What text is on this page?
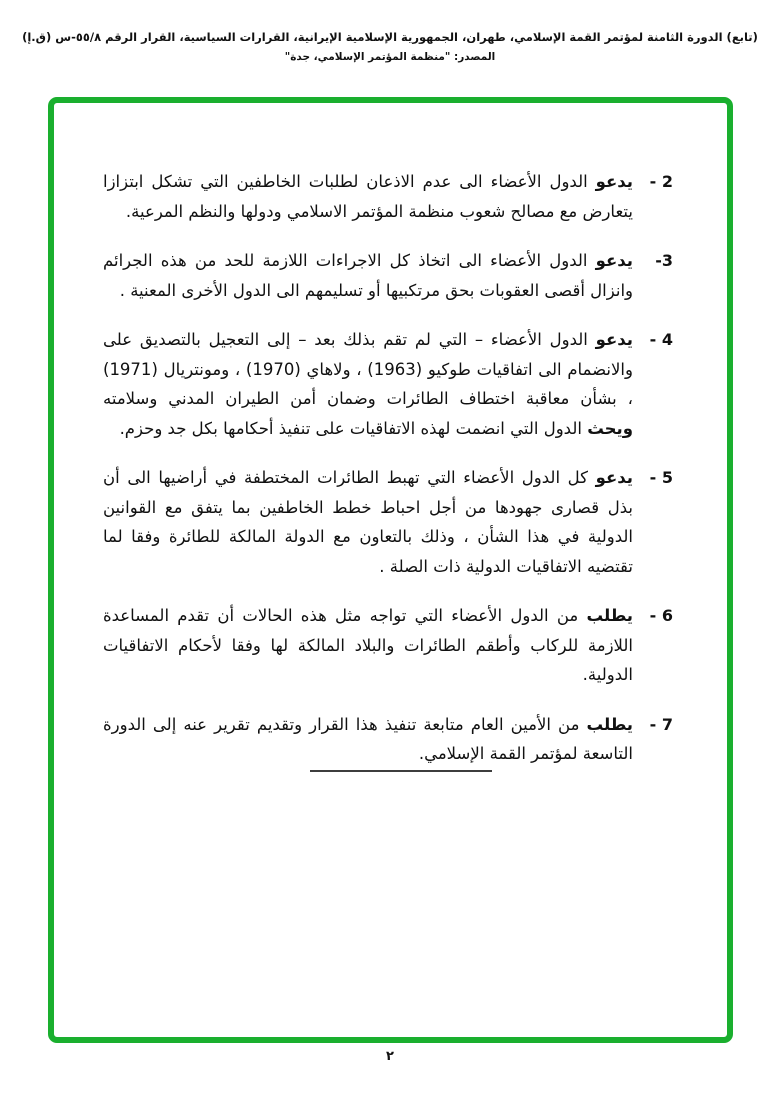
(تابع) الدورة الثامنة لمؤتمر القمة الإسلامي، طهران، الجمهورية الإسلامية الإيرانية، القرارات السياسية، القرار الرقم ٥٥/٨-س (ق.إ)
المصدر: "منظمة المؤتمر الإسلامي، جدة"
2 -

يدعو الدول الأعضاء الى عدم الاذعان لطلبات الخاطفين التي تشكل ابتزازا يتعارض مع مصالح شعوب منظمة المؤتمر الاسلامي ودولها والنظم المرعية.

3-

يدعو الدول الأعضاء الى اتخاذ كل الاجراءات اللازمة للحد من هذه الجرائم وانزال أقصى العقوبات بحق مرتكبيها أو تسليمهم الى الدول الأخرى المعنية .

4 -

يدعو الدول الأعضاء – التي لم تقم بذلك بعد – إلى التعجيل بالتصديق على والانضمام الى اتفاقيات طوكيو (1963) ، ولاهاي (1970) ، ومونتريال (1971) ، بشأن معاقبة اختطاف الطائرات وضمان أمن الطيران المدني وسلامته ويحث الدول التي انضمت لهذه الاتفاقيات على تنفيذ أحكامها بكل جد وحزم.

5 -

يدعو كل الدول الأعضاء التي تهبط الطائرات المختطفة في أراضيها الى أن بذل قصارى جهودها من أجل احباط خطط الخاطفين بما يتفق مع القوانين الدولية في هذا الشأن ، وذلك بالتعاون مع الدولة المالكة للطائرة وفقا لما تقتضيه الاتفاقيات الدولية ذات الصلة .

6 -

يطلب من الدول الأعضاء التي تواجه مثل هذه الحالات أن تقدم المساعدة اللازمة للركاب وأطقم الطائرات والبلاد المالكة لها وفقا لأحكام الاتفاقيات الدولية.

7 -

يطلب من الأمين العام متابعة تنفيذ هذا القرار وتقديم تقرير عنه إلى الدورة التاسعة لمؤتمر القمة الإسلامي.

٢
